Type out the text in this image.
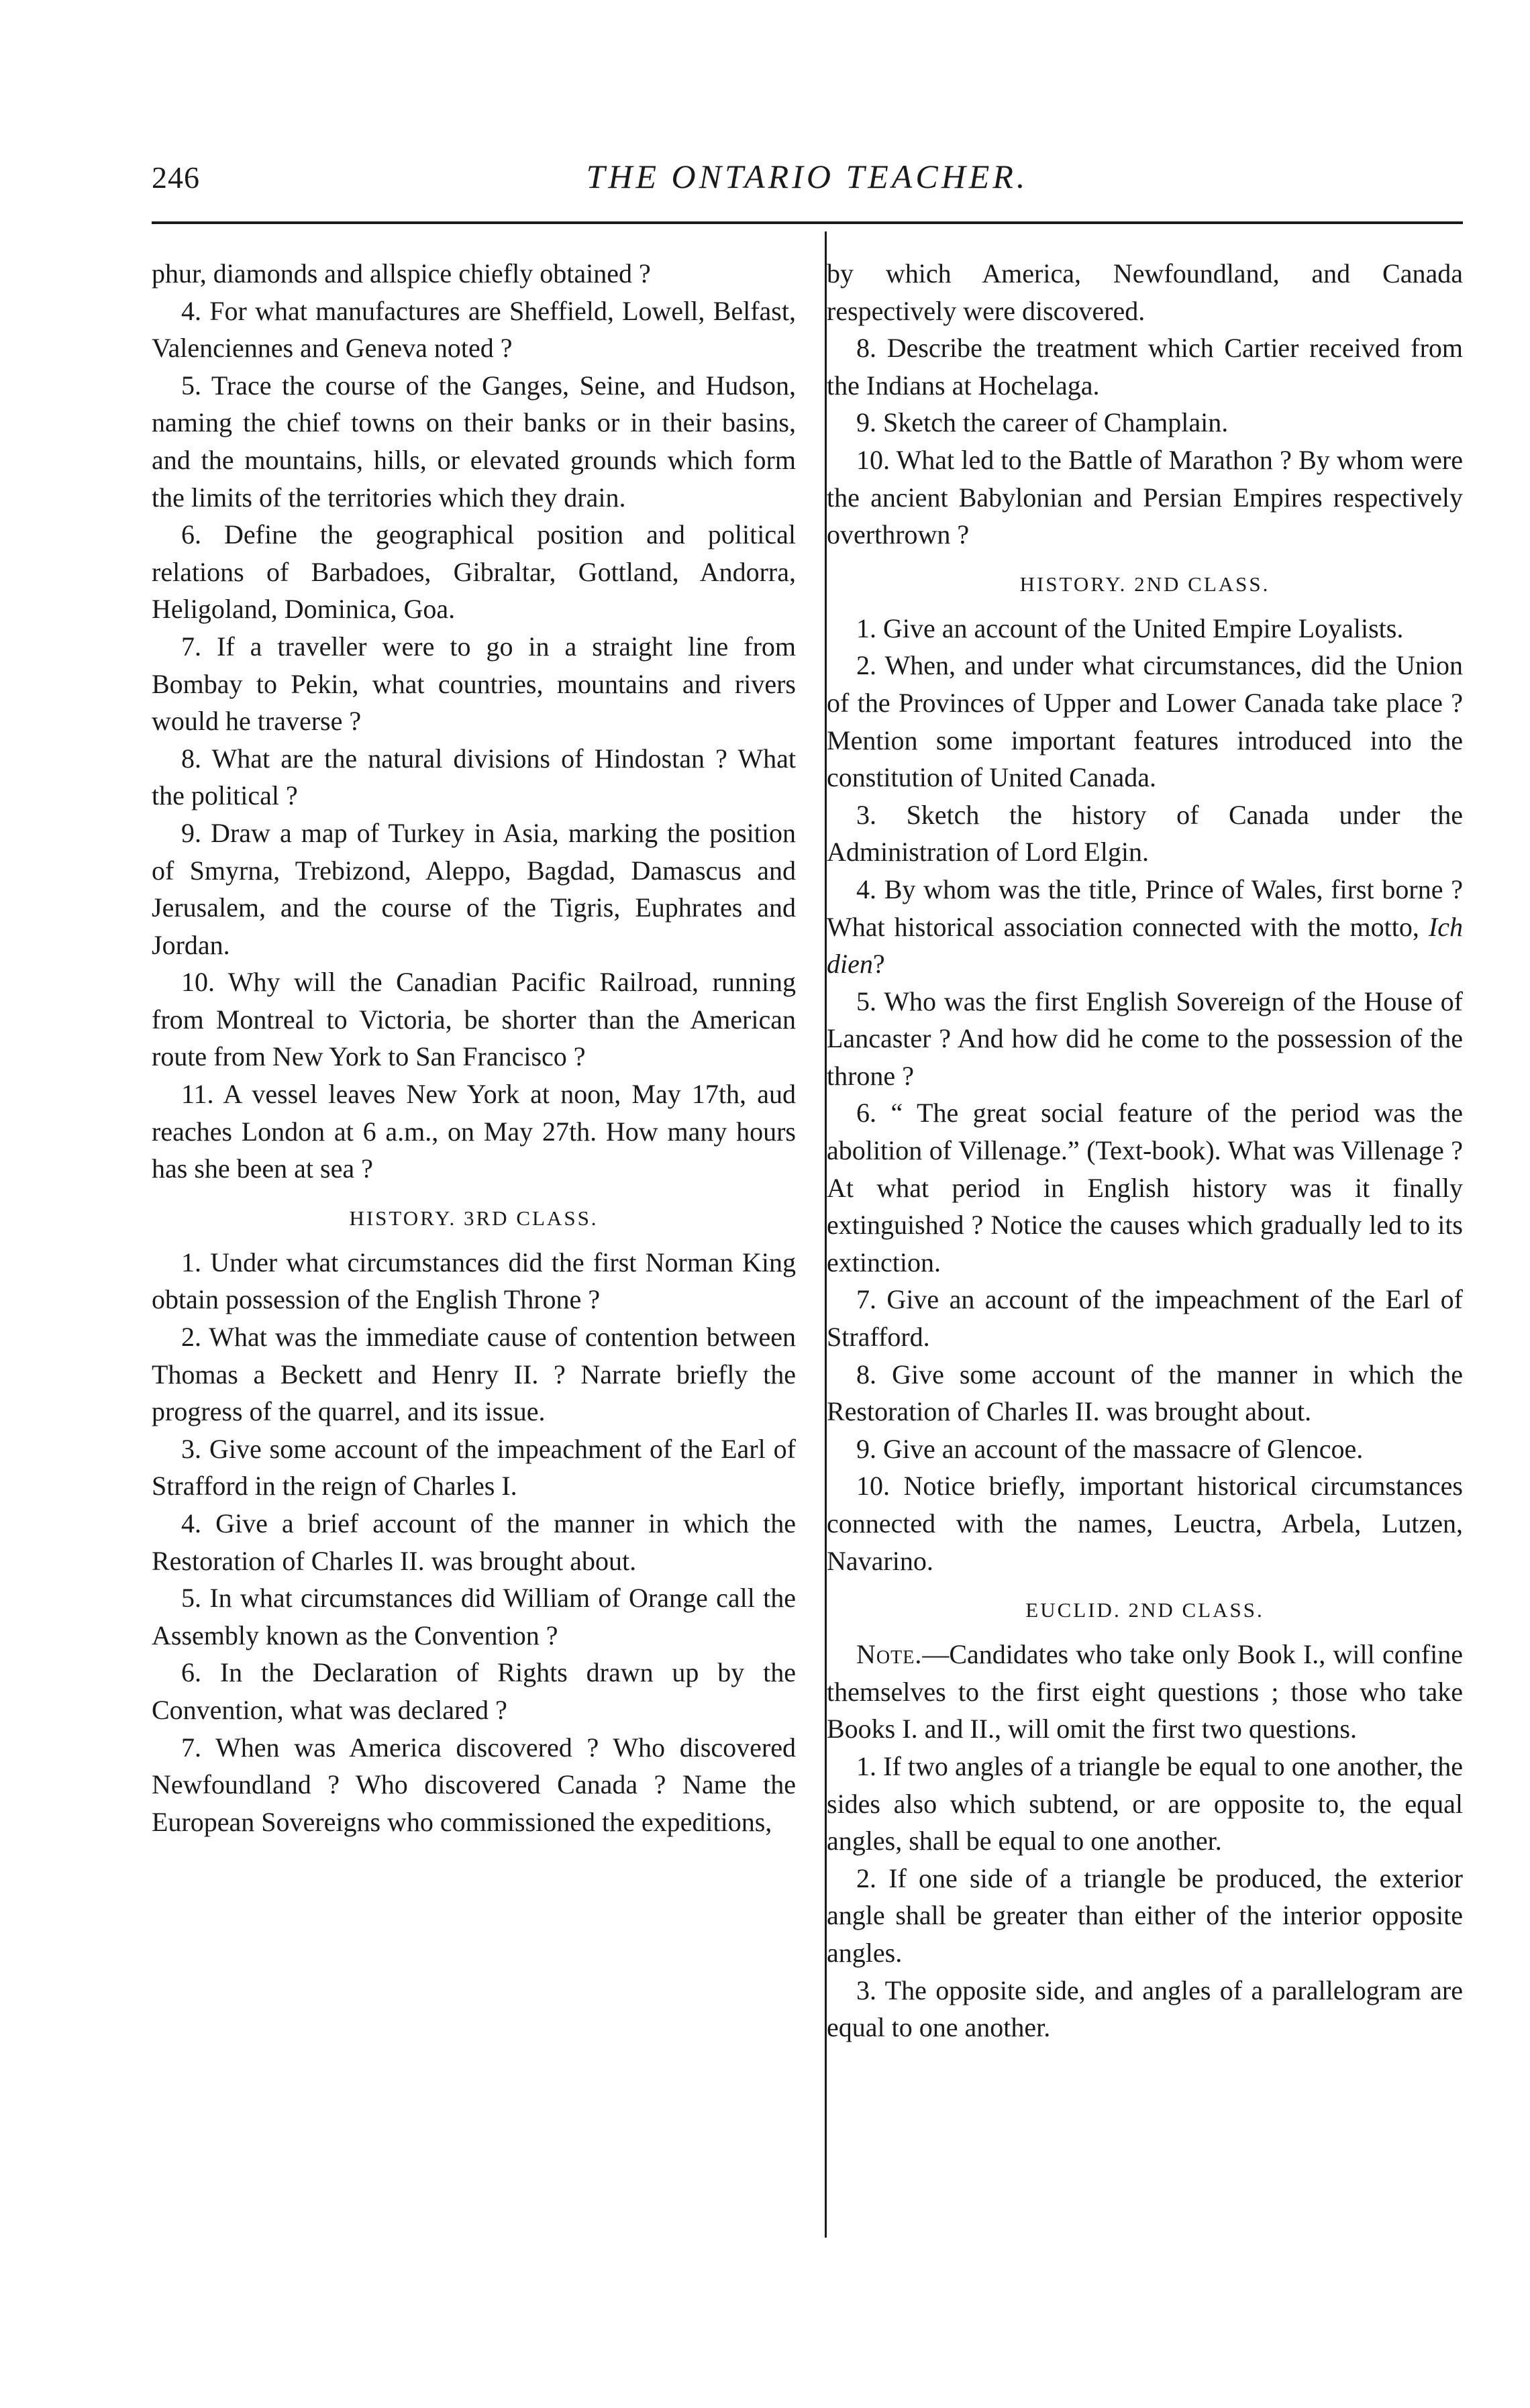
246	THE ONTARIO TEACHER.

phur, diamonds and allspice chiefly obtained ?

4. For what manufactures are Sheffield, Lowell, Belfast, Valenciennes and Geneva noted ?

5. Trace the course of the Ganges, Seine, and Hudson, naming the chief towns on their banks or in their basins, and the mountains, hills, or elevated grounds which form the limits of the territories which they drain.

6. Define the geographical position and political relations of Barbadoes, Gibraltar, Gottland, Andorra, Heligoland, Dominica, Goa.

7. If a traveller were to go in a straight line from Bombay to Pekin, what countries, mountains and rivers would he traverse ?

8. What are the natural divisions of Hindostan ? What the political ?

9. Draw a map of Turkey in Asia, marking the position of Smyrna, Trebizond, Aleppo, Bagdad, Damascus and Jerusalem, and the course of the Tigris, Euphrates and Jordan.

10. Why will the Canadian Pacific Railroad, running from Montreal to Victoria, be shorter than the American route from New York to San Francisco ?

11. A vessel leaves New York at noon, May 17th, aud reaches London at 6 a.m., on May 27th. How many hours has she been at sea ?

HISTORY. 3RD CLASS.

1. Under what circumstances did the first Norman King obtain possession of the English Throne ?

2. What was the immediate cause of contention between Thomas a Beckett and Henry II. ? Narrate briefly the progress of the quarrel, and its issue.

3. Give some account of the impeachment of the Earl of Strafford in the reign of Charles I.

4. Give a brief account of the manner in which the Restoration of Charles II. was brought about.

5. In what circumstances did William of Orange call the Assembly known as the Convention ?

6. In the Declaration of Rights drawn up by the Convention, what was declared ?

7. When was America discovered ? Who discovered Newfoundland ? Who discovered Canada ? Name the European Sovereigns who commissioned the expeditions,

by which America, Newfoundland, and Canada respectively were discovered.

8. Describe the treatment which Cartier received from the Indians at Hochelaga.

9. Sketch the career of Champlain.

10. What led to the Battle of Marathon ? By whom were the ancient Babylonian and Persian Empires respectively overthrown ?

HISTORY. 2ND CLASS.

1. Give an account of the United Empire Loyalists.

2. When, and under what circumstances, did the Union of the Provinces of Upper and Lower Canada take place ? Mention some important features introduced into the constitution of United Canada.

3. Sketch the history of Canada under the Administration of Lord Elgin.

4. By whom was the title, Prince of Wales, first borne ? What historical association connected with the motto, Ich dien?

5. Who was the first English Sovereign of the House of Lancaster ? And how did he come to the possession of the throne ?

6. “ The great social feature of the period was the abolition of Villenage.” (Text-book). What was Villenage ? At what period in English history was it finally extinguished ? Notice the causes which gradually led to its extinction.

7. Give an account of the impeachment of the Earl of Strafford.

8. Give some account of the manner in which the Restoration of Charles II. was brought about.

9. Give an account of the massacre of Glencoe.

10. Notice briefly, important historical circumstances connected with the names, Leuctra, Arbela, Lutzen, Navarino.

EUCLID. 2ND CLASS.

Note.—Candidates who take only Book I., will confine themselves to the first eight questions ; those who take Books I. and II., will omit the first two questions.

1. If two angles of a triangle be equal to one another, the sides also which subtend, or are opposite to, the equal angles, shall be equal to one another.

2. If one side of a triangle be produced, the exterior angle shall be greater than either of the interior opposite angles.

3. The opposite side, and angles of a parallelogram are equal to one another.
